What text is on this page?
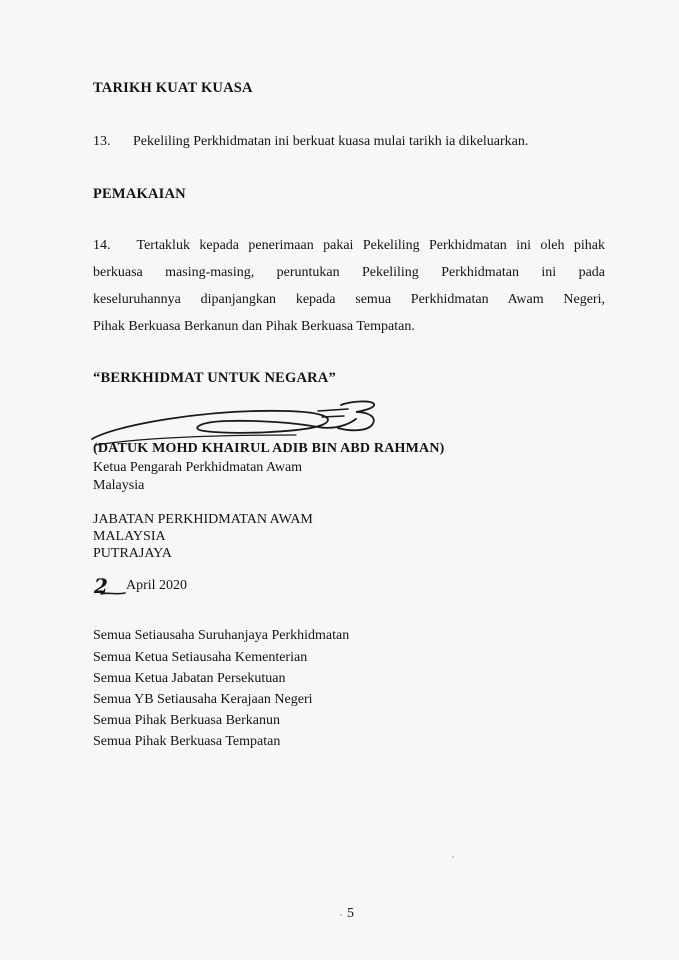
TARIKH KUAT KUASA
13. Pekeliling Perkhidmatan ini berkuat kuasa mulai tarikh ia dikeluarkan.
PEMAKAIAN
14. Tertakluk kepada penerimaan pakai Pekeliling Perkhidmatan ini oleh pihak
berkuasa masing-masing, peruntukan Pekeliling Perkhidmatan ini pada
keseluruhannya dipanjangkan kepada semua Perkhidmatan Awam Negeri,
Pihak Berkuasa Berkanun dan Pihak Berkuasa Tempatan.
“BERKHIDMAT UNTUK NEGARA”
(DATUK MOHD KHAIRUL ADIB BIN ABD RAHMAN)
Ketua Pengarah Perkhidmatan Awam
Malaysia
JABATAN PERKHIDMATAN AWAM
MALAYSIA
PUTRAJAYA
2 April 2020
Semua Setiausaha Suruhanjaya Perkhidmatan
Semua Ketua Setiausaha Kementerian
Semua Ketua Jabatan Persekutuan
Semua YB Setiausaha Kerajaan Negeri
Semua Pihak Berkuasa Berkanun
Semua Pihak Berkuasa Tempatan
5
